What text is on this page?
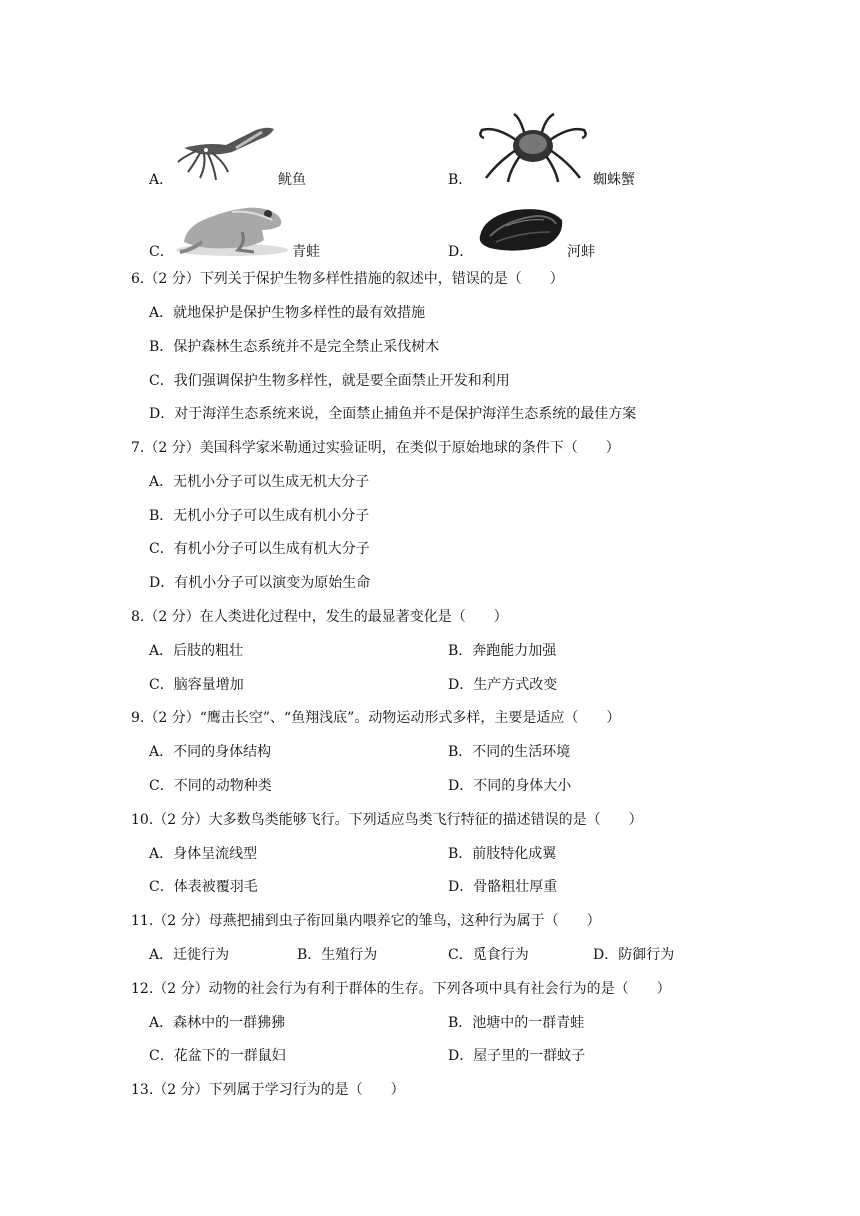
A．	鱿鱼	B．	蜘蛛蟹
C．	青蛙	D．	河蚌
6.（2 分）下列关于保护生物多样性措施的叙述中，错误的是（　　）
A．就地保护是保护生物多样性的最有效措施
B．保护森林生态系统并不是完全禁止采伐树木
C．我们强调保护生物多样性，就是要全面禁止开发和利用
D．对于海洋生态系统来说，全面禁止捕鱼并不是保护海洋生态系统的最佳方案
7.（2 分）美国科学家米勒通过实验证明，在类似于原始地球的条件下（　　）
A．无机小分子可以生成无机大分子
B．无机小分子可以生成有机小分子
C．有机小分子可以生成有机大分子
D．有机小分子可以演变为原始生命
8.（2 分）在人类进化过程中，发生的最显著变化是（　　）
A．后肢的粗壮	B．奔跑能力加强
C．脑容量增加	D．生产方式改变
9.（2 分）“鹰击长空”、“鱼翔浅底”。动物运动形式多样，主要是适应（　　）
A．不同的身体结构	B．不同的生活环境
C．不同的动物种类	D．不同的身体大小
10.（2 分）大多数鸟类能够飞行。下列适应鸟类飞行特征的描述错误的是（　　）
A．身体呈流线型	B．前肢特化成翼
C．体表被覆羽毛	D．骨骼粗壮厚重
11.（2 分）母燕把捕到虫子衔回巢内喂养它的雏鸟，这种行为属于（　　）
A．迁徙行为	B．生殖行为	C．觅食行为	D．防御行为
12.（2 分）动物的社会行为有利于群体的生存。下列各项中具有社会行为的是（　　）
A．森林中的一群狒狒	B．池塘中的一群青蛙
C．花盆下的一群鼠妇	D．屋子里的一群蚊子
13.（2 分）下列属于学习行为的是（　　）
